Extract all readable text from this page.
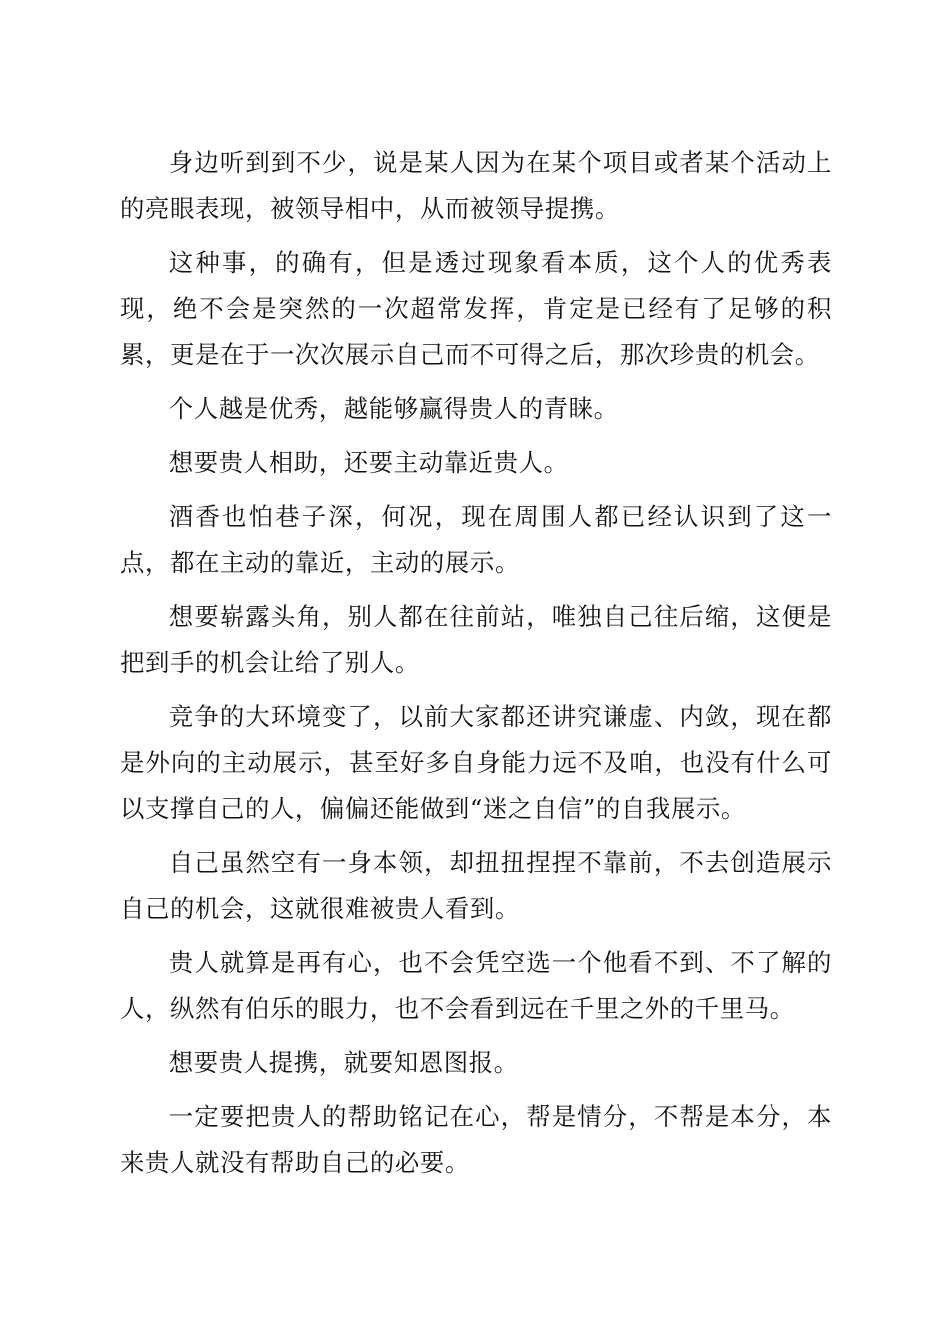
身边听到到不少，说是某人因为在某个项目或者某个活动上的亮眼表现，被领导相中，从而被领导提携。

这种事，的确有，但是透过现象看本质，这个人的优秀表现，绝不会是突然的一次超常发挥，肯定是已经有了足够的积累，更是在于一次次展示自己而不可得之后，那次珍贵的机会。

个人越是优秀，越能够赢得贵人的青睐。

想要贵人相助，还要主动靠近贵人。

酒香也怕巷子深，何况，现在周围人都已经认识到了这一点，都在主动的靠近，主动的展示。

想要崭露头角，别人都在往前站，唯独自己往后缩，这便是把到手的机会让给了别人。

竞争的大环境变了，以前大家都还讲究谦虚、内敛，现在都是外向的主动展示，甚至好多自身能力远不及咱，也没有什么可以支撑自己的人，偏偏还能做到“迷之自信”的自我展示。

自己虽然空有一身本领，却扭扭捏捏不靠前，不去创造展示自己的机会，这就很难被贵人看到。

贵人就算是再有心，也不会凭空选一个他看不到、不了解的人，纵然有伯乐的眼力，也不会看到远在千里之外的千里马。

想要贵人提携，就要知恩图报。

一定要把贵人的帮助铭记在心，帮是情分，不帮是本分，本来贵人就没有帮助自己的必要。
